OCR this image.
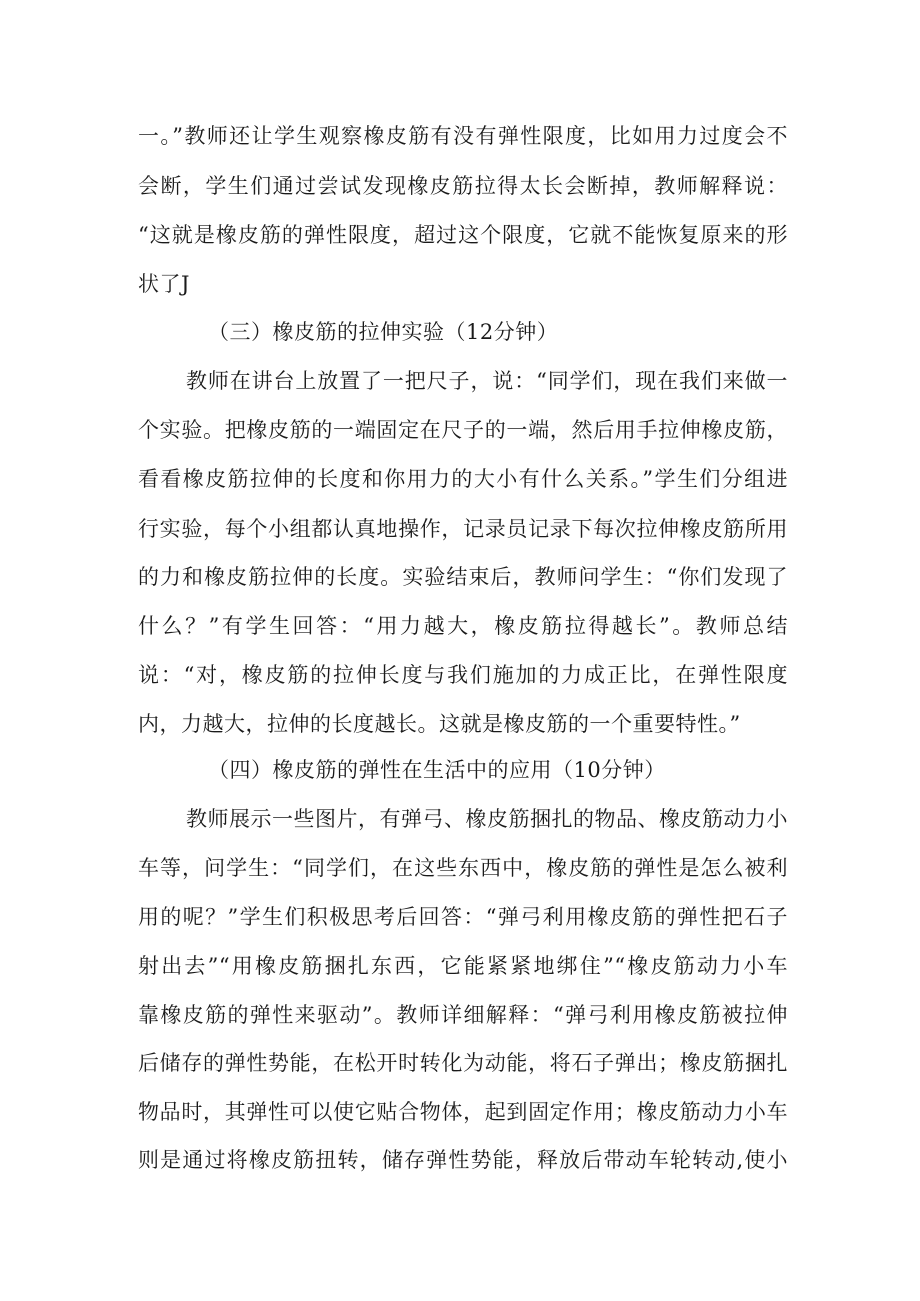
一。”教师还让学生观察橡皮筋有没有弹性限度，比如用力过度会不
会断，学生们通过尝试发现橡皮筋拉得太长会断掉，教师解释说：
“这就是橡皮筋的弹性限度，超过这个限度，它就不能恢复原来的形
状了J
（三）橡皮筋的拉伸实验（12分钟）
教师在讲台上放置了一把尺子，说：“同学们，现在我们来做一
个实验。把橡皮筋的一端固定在尺子的一端，然后用手拉伸橡皮筋，
看看橡皮筋拉伸的长度和你用力的大小有什么关系。”学生们分组进
行实验，每个小组都认真地操作，记录员记录下每次拉伸橡皮筋所用
的力和橡皮筋拉伸的长度。实验结束后，教师问学生：“你们发现了
什么？”有学生回答：“用力越大，橡皮筋拉得越长”。教师总结
说：“对，橡皮筋的拉伸长度与我们施加的力成正比，在弹性限度
内，力越大，拉伸的长度越长。这就是橡皮筋的一个重要特性。”
（四）橡皮筋的弹性在生活中的应用（10分钟）
教师展示一些图片，有弹弓、橡皮筋捆扎的物品、橡皮筋动力小
车等，问学生：“同学们，在这些东西中，橡皮筋的弹性是怎么被利
用的呢？”学生们积极思考后回答：“弹弓利用橡皮筋的弹性把石子
射出去”“用橡皮筋捆扎东西，它能紧紧地绑住”“橡皮筋动力小车
靠橡皮筋的弹性来驱动”。教师详细解释：“弹弓利用橡皮筋被拉伸
后储存的弹性势能，在松开时转化为动能，将石子弹出；橡皮筋捆扎
物品时，其弹性可以使它贴合物体，起到固定作用；橡皮筋动力小车
则是通过将橡皮筋扭转，储存弹性势能，释放后带动车轮转动,使小
